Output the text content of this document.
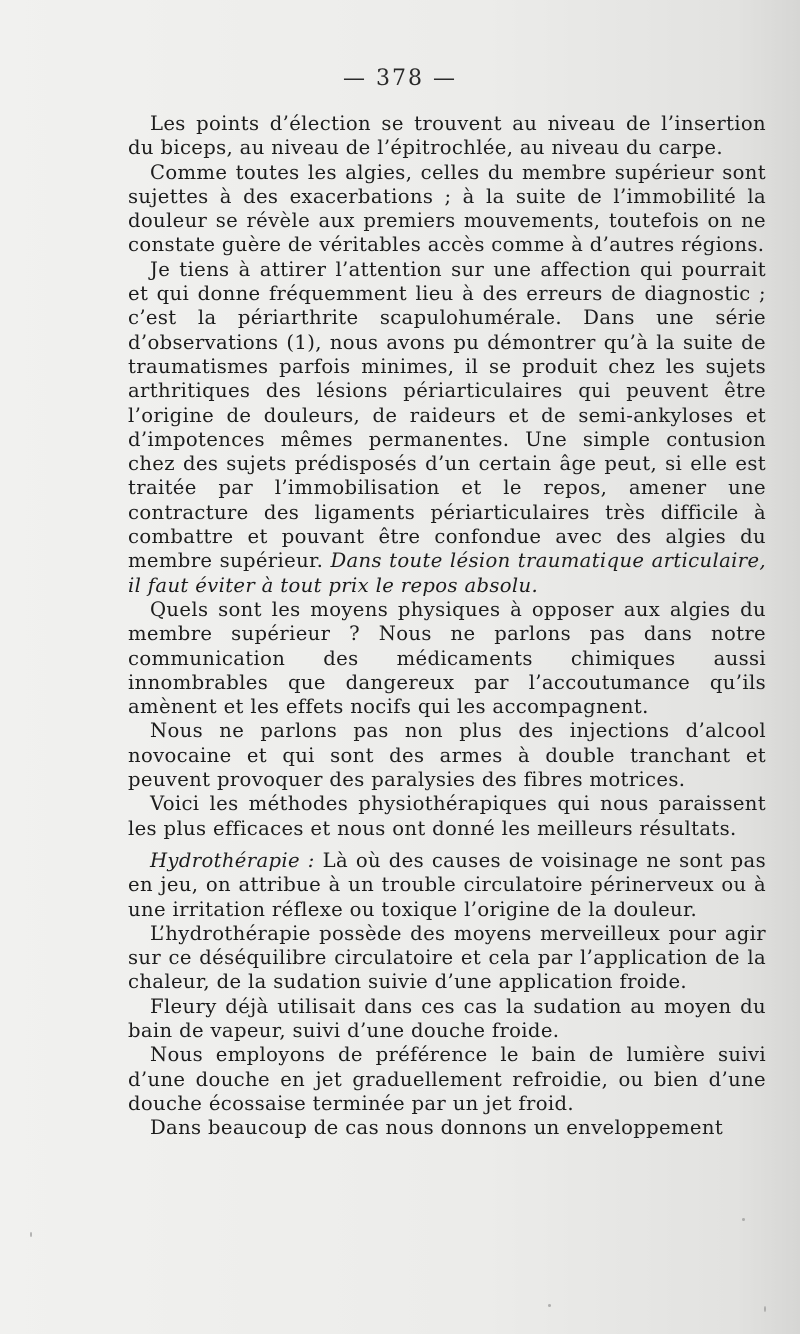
— 378 —

Les points d’élection se trouvent au niveau de l’insertion du biceps, au niveau de l’épitrochlée, au niveau du carpe.

Comme toutes les algies, celles du membre supérieur sont sujettes à des exacerbations ; à la suite de l’immobilité la douleur se révèle aux premiers mouvements, toutefois on ne constate guère de véritables accès comme à d’autres régions.

Je tiens à attirer l’attention sur une affection qui pourrait et qui donne fréquemment lieu à des erreurs de diagnostic ; c’est la périarthrite scapulohumérale. Dans une série d’observations (1), nous avons pu démontrer qu’à la suite de traumatismes parfois minimes, il se produit chez les sujets arthritiques des lésions périarticulaires qui peuvent être l’origine de douleurs, de raideurs et de semi-ankyloses et d’impotences mêmes permanentes. Une simple contusion chez des sujets prédisposés d’un certain âge peut, si elle est traitée par l’immobilisation et le repos, amener une contracture des ligaments périarticulaires très difficile à combattre et pouvant être confondue avec des algies du membre supérieur. Dans toute lésion traumatique articulaire, il faut éviter à tout prix le repos absolu.

Quels sont les moyens physiques à opposer aux algies du membre supérieur ? Nous ne parlons pas dans notre communication des médicaments chimiques aussi innombrables que dangereux par l’accoutumance qu’ils amènent et les effets nocifs qui les accompagnent.

Nous ne parlons pas non plus des injections d’alcool novocaine et qui sont des armes à double tranchant et peuvent provoquer des paralysies des fibres motrices.

Voici les méthodes physiothérapiques qui nous paraissent les plus efficaces et nous ont donné les meilleurs résultats.

Hydrothérapie : Là où des causes de voisinage ne sont pas en jeu, on attribue à un trouble circulatoire périnerveux ou à une irritation réflexe ou toxique l’origine de la douleur.

L’hydrothérapie possède des moyens merveilleux pour agir sur ce déséquilibre circulatoire et cela par l’application de la chaleur, de la sudation suivie d’une application froide.

Fleury déjà utilisait dans ces cas la sudation au moyen du bain de vapeur, suivi d’une douche froide.

Nous employons de préférence le bain de lumière suivi d’une douche en jet graduellement refroidie, ou bien d’une douche écossaise terminée par un jet froid.

Dans beaucoup de cas nous donnons un enveloppement
